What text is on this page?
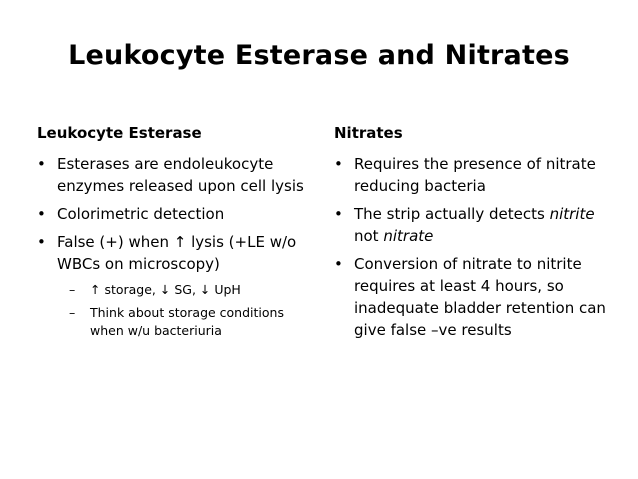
Leukocyte Esterase and Nitrates
Leukocyte Esterase
• Esterases are endoleukocyte enzymes released upon cell lysis
• Colorimetric detection
• False (+) when ↑ lysis (+LE w/o WBCs on microscopy)
– ↑ storage, ↓ SG, ↓ UpH
– Think about storage conditions when w/u bacteriuria
Nitrates
• Requires the presence of nitrate reducing bacteria
• The strip actually detects nitrite not nitrate
• Conversion of nitrate to nitrite requires at least 4 hours, so inadequate bladder retention can give false –ve results
